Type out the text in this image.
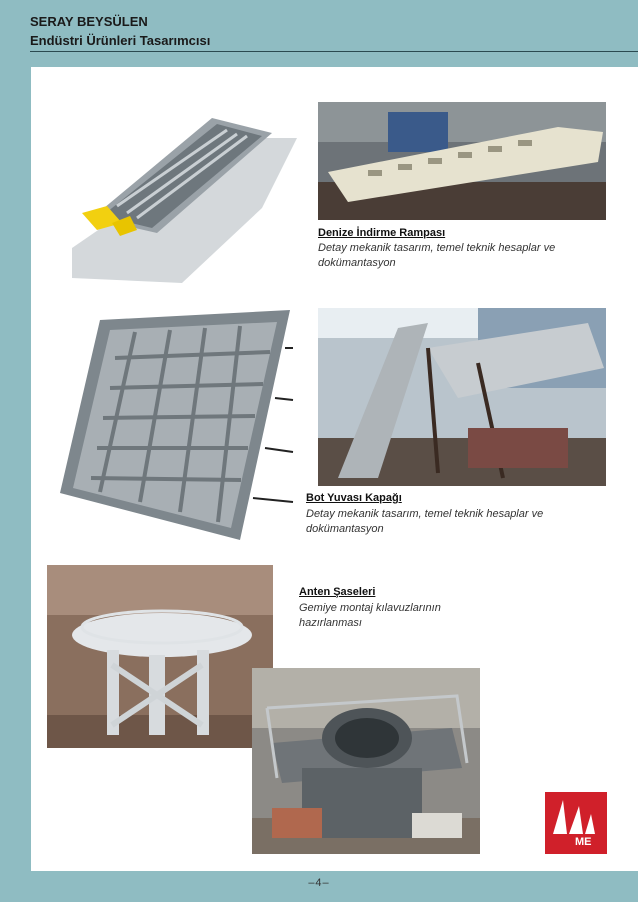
SERAY BEYSÜLEN
Endüstri Ürünleri Tasarımcısı
Denize İndirme Rampası
Detay mekanik tasarım, temel teknik hesaplar ve
dokümantasyon
Bot Yuvası Kapağı
Detay mekanik tasarım, temel teknik hesaplar ve
dokümantasyon
Anten Şaseleri
Gemiye montaj kılavuzlarının
hazırlanması
ME
–4–
